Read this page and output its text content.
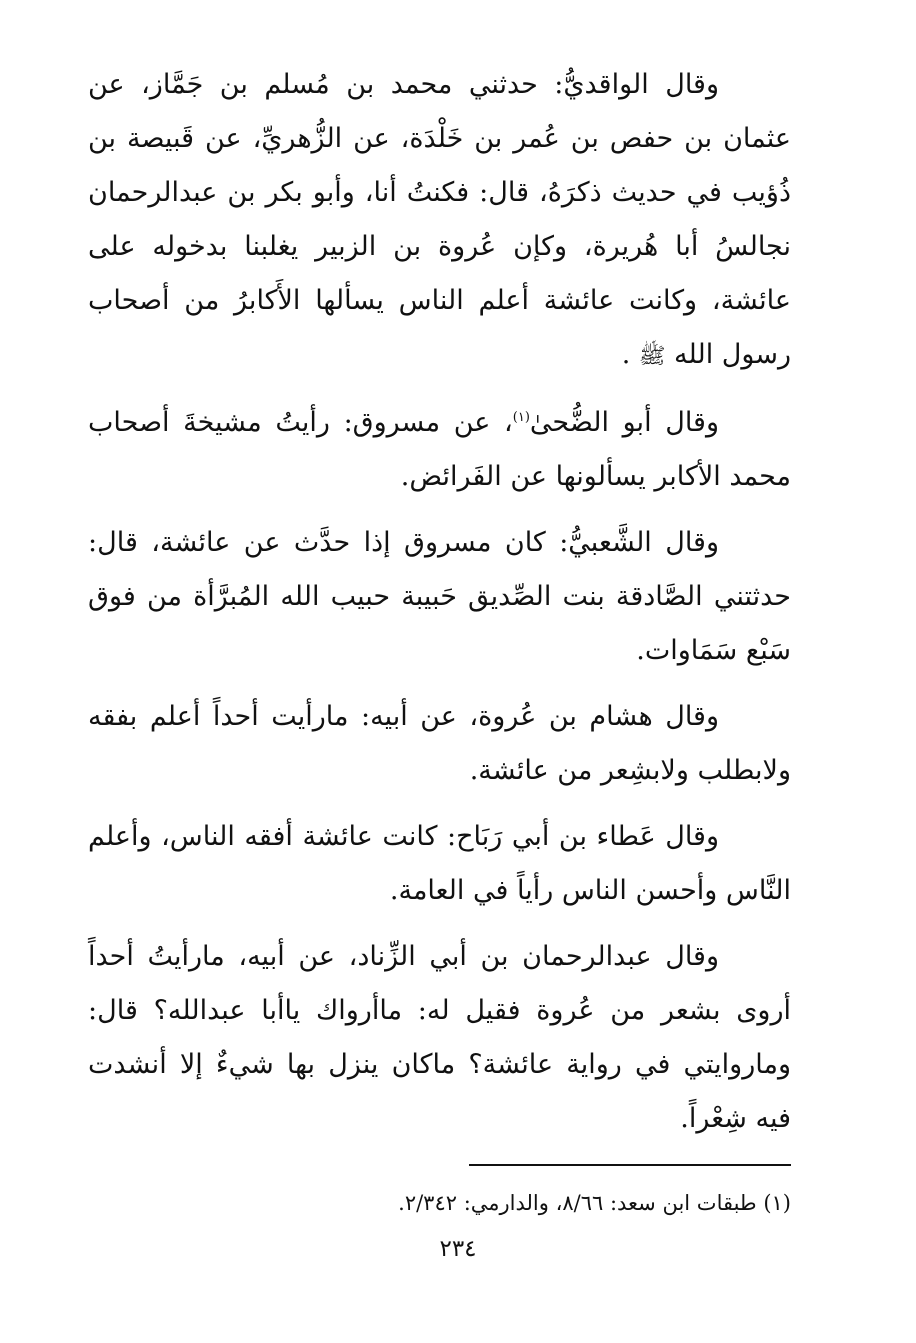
وقال الواقديُّ: حدثني محمد بن مُسلم بن جَمَّاز، عن عثمان بن حفص بن عُمر بن خَلْدَة، عن الزُّهريِّ، عن قَبيصة بن ذُؤيب في حديث ذكرَهُ، قال: فكنتُ أنا، وأبو بكر بن عبدالرحمان نجالسُ أبا هُريرة، وكإن عُروة بن الزبير يغلبنا بدخوله على عائشة، وكانت عائشة أعلم الناس يسألها الأَكابرُ من أصحاب رسول الله ﷺ .

وقال أبو الضُّحىٰ$^{(١)}$، عن مسروق: رأيتُ مشيخةَ أصحاب محمد الأكابر يسألونها عن الفَرائض.

وقال الشَّعبيُّ: كان مسروق إذا حدَّث عن عائشة، قال: حدثتني الصَّادقة بنت الصِّديق حَبيبة حبيب الله المُبرَّأة من فوق سَبْع سَمَاوات.

وقال هشام بن عُروة، عن أبيه: مارأيت أحداً أعلم بفقه ولابطلب ولابشِعر من عائشة.

وقال عَطاء بن أبي رَبَاح: كانت عائشة أفقه الناس، وأعلم النَّاس وأحسن الناس رأياً في العامة.

وقال عبدالرحمان بن أبي الزِّناد، عن أبيه، مارأيتُ أحداً أروى بشعر من عُروة فقيل له: ماأرواك ياأبا عبدالله؟ قال: وماروايتي في رواية عائشة؟ ماكان ينزل بها شيءٌ إلا أنشدت فيه شِعْراً.

(١) طبقات ابن سعد: ٨/٦٦، والدارمي: ٢/٣٤٢.

٢٣٤
